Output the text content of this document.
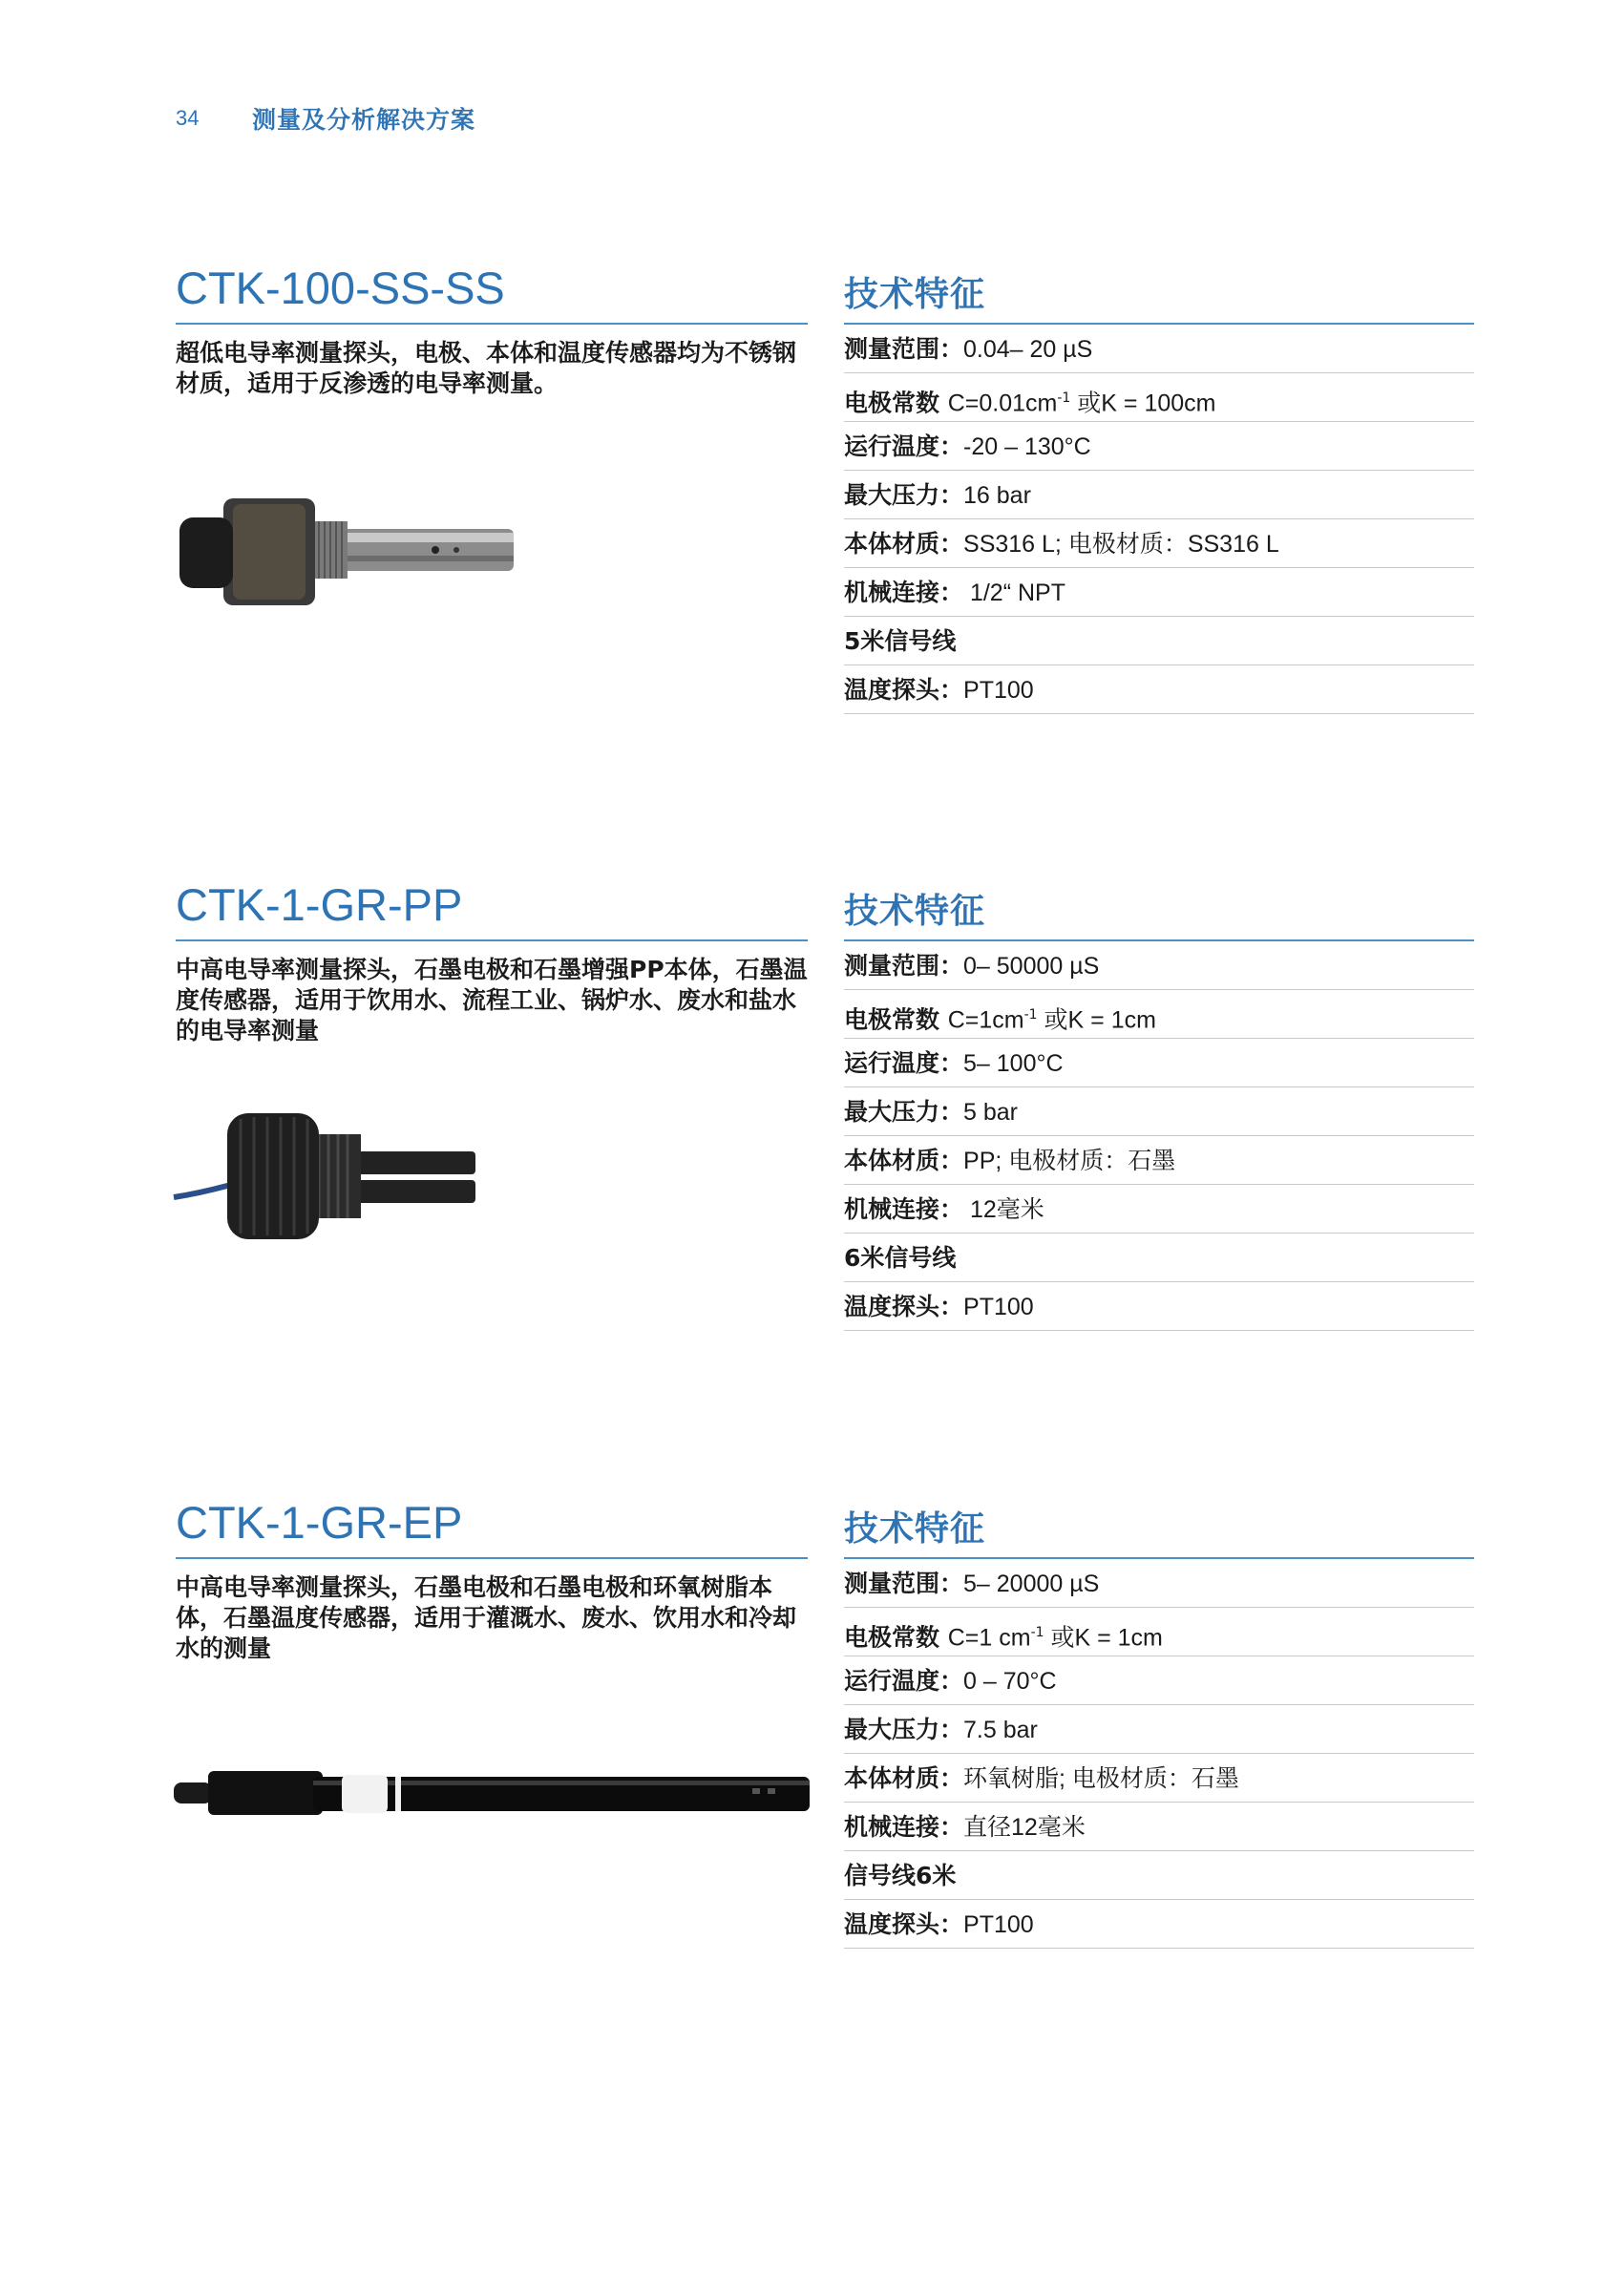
34	测量及分析解决方案
CTK-100-SS-SS

超低电导率测量探头，电极、本体和温度传感器均为不锈钢材质，适用于反渗透的电导率测量。

技术特征
测量范围：0.04– 20 µS
电极常数 $C=0.01cm^{-1}$ 或K = 100cm
运行温度：-20 – 130°C
最大压力：16 bar
本体材质：SS316 L; 电极材质：SS316 L
机械连接： 1/2“ NPT
5米信号线
温度探头：PT100
CTK-1-GR-PP

中高电导率测量探头，石墨电极和石墨增强PP本体，石墨温度传感器，适用于饮用水、流程工业、锅炉水、废水和盐水的电导率测量

技术特征
测量范围：0– 50000 µS
电极常数 $C=1cm^{-1}$ 或K = 1cm
运行温度：5– 100°C
最大压力：5 bar
本体材质：PP; 电极材质：石墨
机械连接： 12毫米
6米信号线
温度探头：PT100
CTK-1-GR-EP

中高电导率测量探头，石墨电极和石墨电极和环氧树脂本体，石墨温度传感器，适用于灌溉水、废水、饮用水和冷却水的测量

技术特征
测量范围：5– 20000 µS
电极常数 C=1 $cm^{-1}$ 或K = 1cm
运行温度：0 – 70°C
最大压力：7.5 bar
本体材质：环氧树脂; 电极材质：石墨
机械连接：直径12毫米
信号线6米
温度探头：PT100
